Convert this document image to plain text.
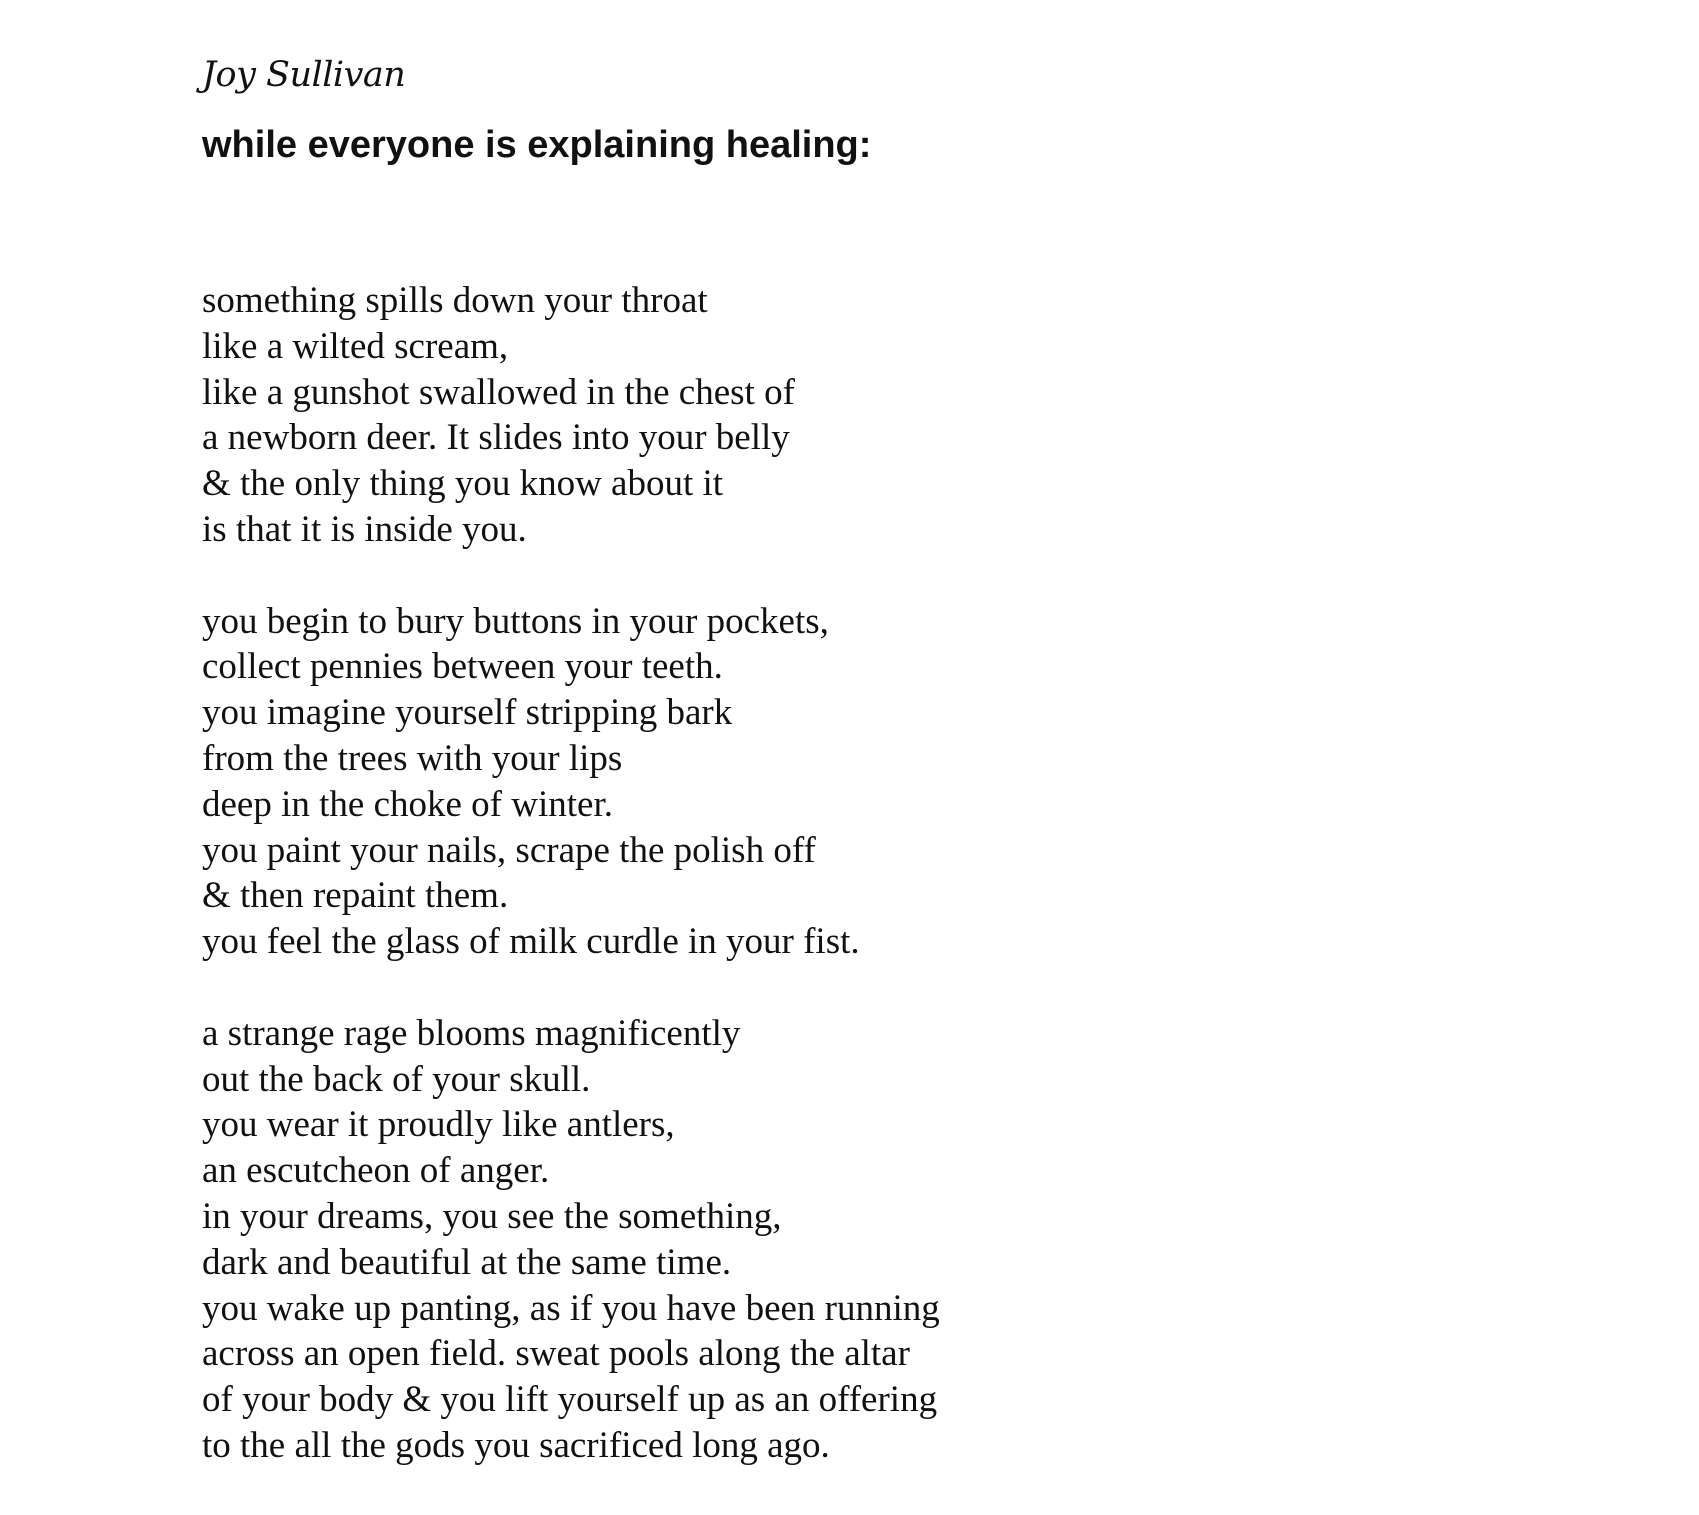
Joy Sullivan

while everyone is explaining healing:
something spills down your throat
like a wilted scream,
like a gunshot swallowed in the chest of
a newborn deer. It slides into your belly
& the only thing you know about it
is that it is inside you.
you begin to bury buttons in your pockets,
collect pennies between your teeth.
you imagine yourself stripping bark
from the trees with your lips
deep in the choke of winter.
you paint your nails, scrape the polish off
& then repaint them.
you feel the glass of milk curdle in your fist.
a strange rage blooms magnificently
out the back of your skull.
you wear it proudly like antlers,
an escutcheon of anger.
in your dreams, you see the something,
dark and beautiful at the same time.
you wake up panting, as if you have been running
across an open field. sweat pools along the altar
of your body & you lift yourself up as an offering
to the all the gods you sacrificed long ago.
